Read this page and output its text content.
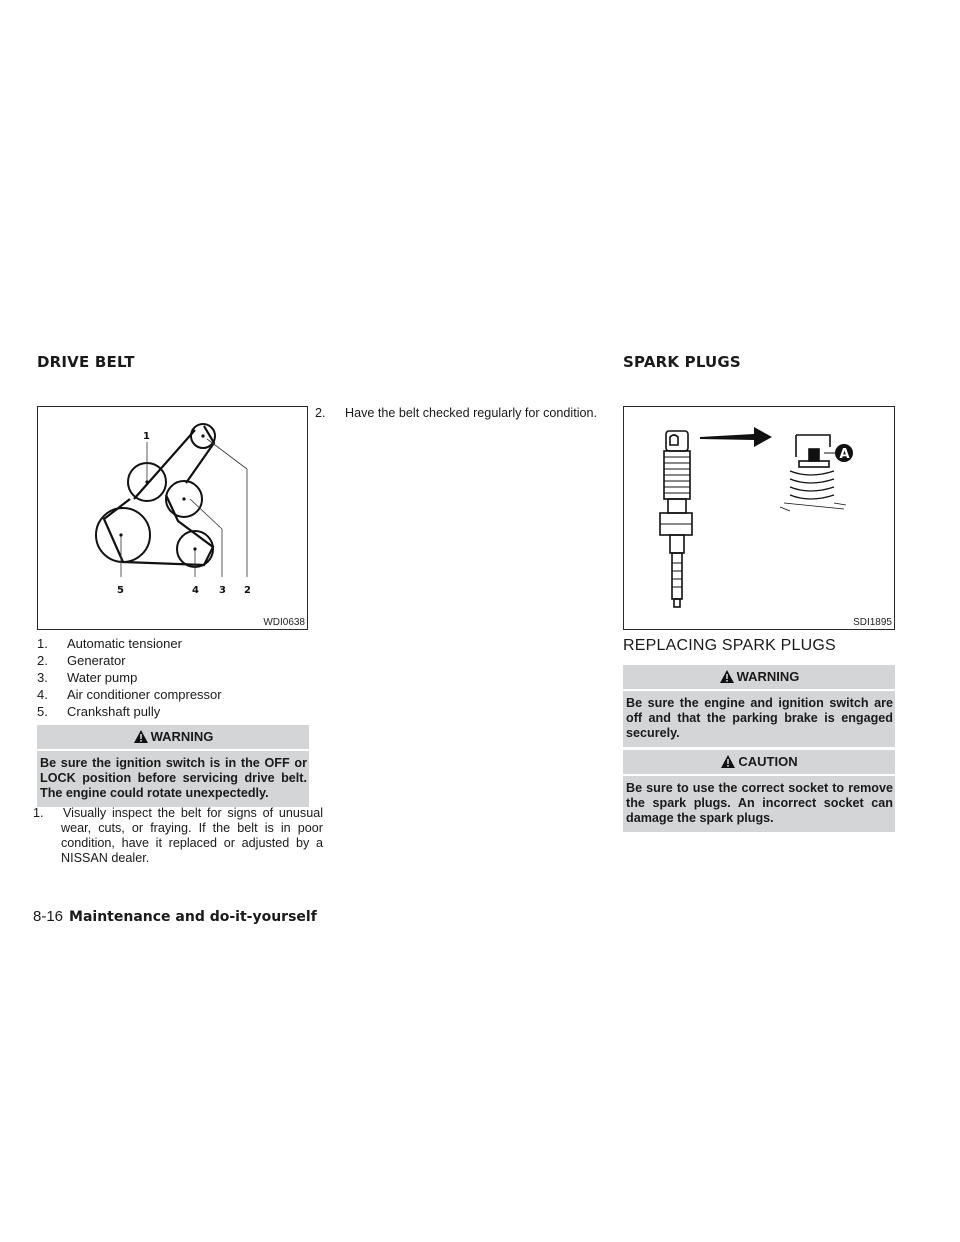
DRIVE BELT	SPARK PLUGS
1
2
3
4
5
WDI0638
1.	Automatic tensioner
2.	Generator
3.	Water pump
4.	Air conditioner compressor
5.	Crankshaft pully
WARNING
Be sure the ignition switch is in the OFF or LOCK position before servicing drive belt. The engine could rotate unexpectedly.
1. Visually inspect the belt for signs of unusual wear, cuts, or fraying. If the belt is in poor condition, have it replaced or adjusted by a NISSAN dealer.
2. Have the belt checked regularly for condition.
A
SDI1895
REPLACING SPARK PLUGS
WARNING
Be sure the engine and ignition switch are off and that the parking brake is engaged securely.
CAUTION
Be sure to use the correct socket to remove the spark plugs. An incorrect socket can damage the spark plugs.
8-16 Maintenance and do-it-yourself
